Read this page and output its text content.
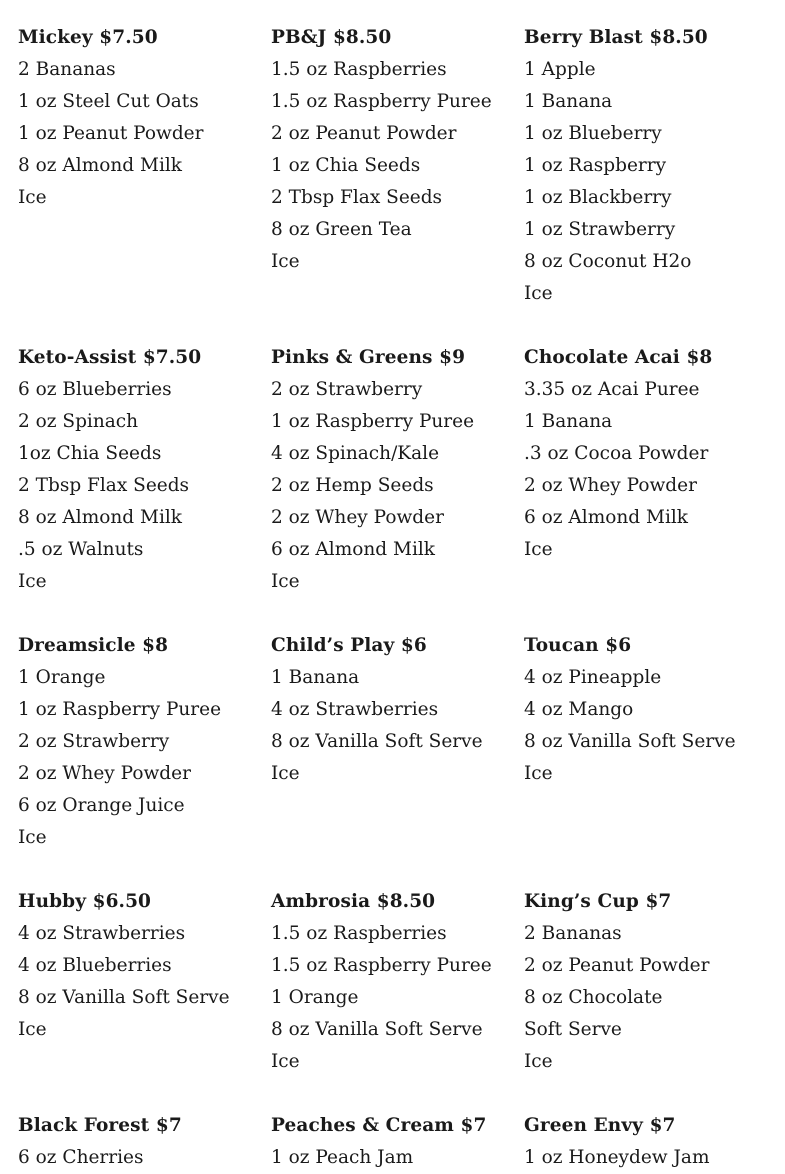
Mickey $7.50
2 Bananas
1 oz Steel Cut Oats
1 oz Peanut Powder
8 oz Almond Milk
Ice
PB&J $8.50
1.5 oz Raspberries
1.5 oz Raspberry Puree
2 oz Peanut Powder
1 oz Chia Seeds
2 Tbsp Flax Seeds
8 oz Green Tea
Ice
Berry Blast $8.50
1 Apple
1 Banana
1 oz Blueberry
1 oz Raspberry
1 oz Blackberry
1 oz Strawberry
8 oz Coconut H2o
Ice
Keto-Assist $7.50
6 oz Blueberries
2 oz Spinach
1oz Chia Seeds
2 Tbsp Flax Seeds
8 oz Almond Milk
.5 oz Walnuts
Ice
Pinks & Greens $9
2 oz Strawberry
1 oz Raspberry Puree
4 oz Spinach/Kale
2 oz Hemp Seeds
2 oz Whey Powder
6 oz Almond Milk
Ice
Chocolate Acai $8
3.35 oz Acai Puree
1 Banana
.3 oz Cocoa Powder
2 oz Whey Powder
6 oz Almond Milk
Ice
Dreamsicle $8
1 Orange
1 oz Raspberry Puree
2 oz Strawberry
2 oz Whey Powder
6 oz Orange Juice
Ice
Child’s Play $6
1 Banana
4 oz Strawberries
8 oz Vanilla Soft Serve
Ice
Toucan $6
4 oz Pineapple
4 oz Mango
8 oz Vanilla Soft Serve
Ice
Hubby $6.50
4 oz Strawberries
4 oz Blueberries
8 oz Vanilla Soft Serve
Ice
Ambrosia $8.50
1.5 oz Raspberries
1.5 oz Raspberry Puree
1 Orange
8 oz Vanilla Soft Serve
Ice
King’s Cup $7
2 Bananas
2 oz Peanut Powder
8 oz Chocolate
Soft Serve
Ice
Black Forest $7
6 oz Cherries
Peaches & Cream $7
1 oz Peach Jam
Green Envy $7
1 oz Honeydew Jam
